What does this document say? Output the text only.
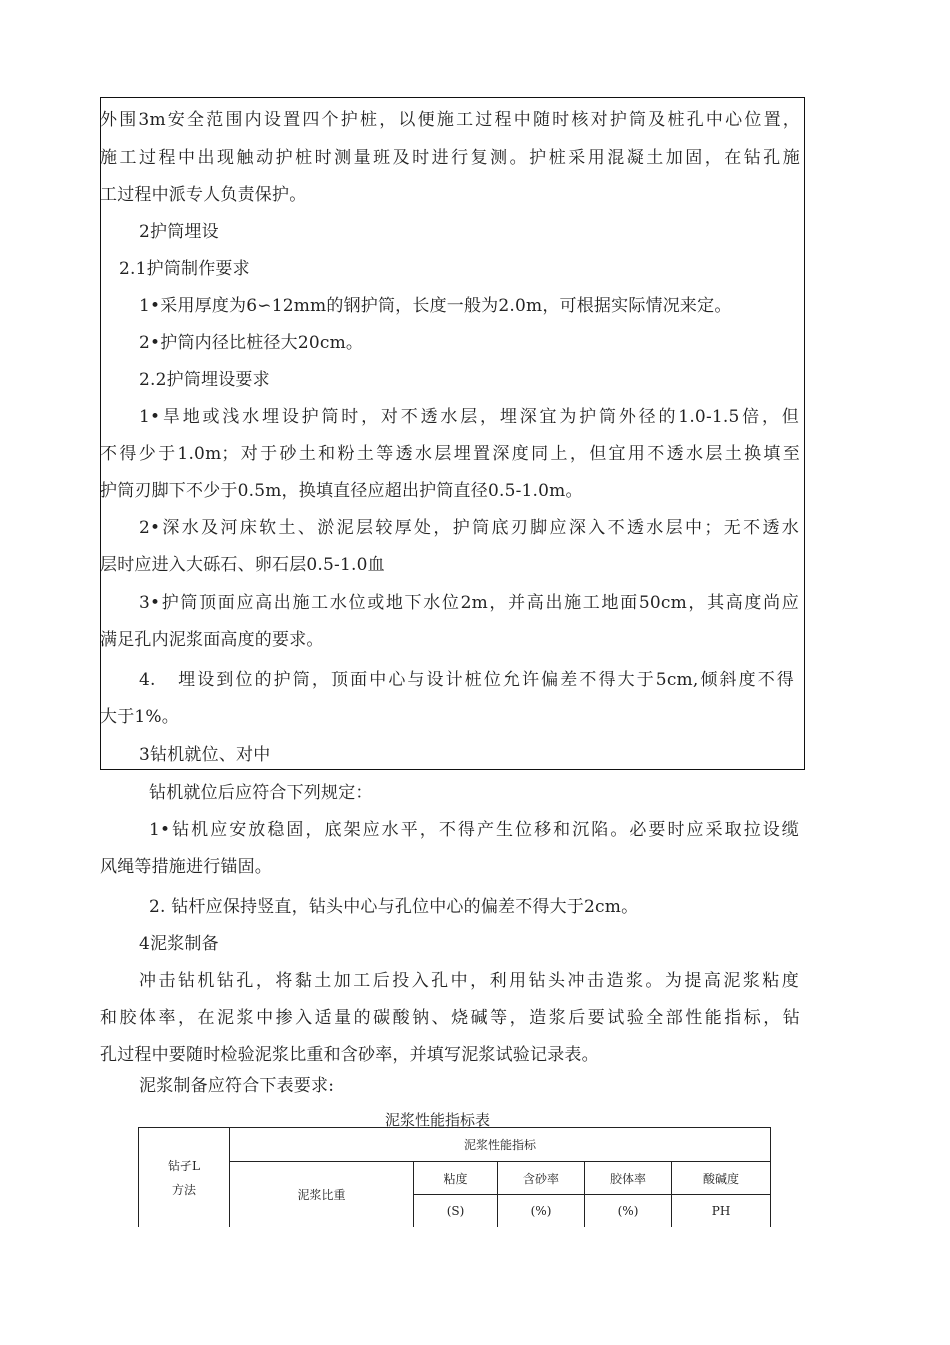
外围3m安全范围内设置四个护桩，以便施工过程中随时核对护筒及桩孔中心位置，
施工过程中出现触动护桩时测量班及时进行复测。护桩采用混凝土加固，在钻孔施
工过程中派专人负责保护。
2护筒埋设
2.1护筒制作要求
1•采用厚度为6∽12mm的钢护筒，长度一般为2.0m，可根据实际情况来定。
2•护筒内径比桩径大20cm。
2.2护筒埋设要求
1•旱地或浅水埋设护筒时，对不透水层，埋深宜为护筒外径的1.0-1.5倍，但
不得少于1.0m；对于砂土和粉土等透水层埋置深度同上，但宜用不透水层土换填至
护筒刃脚下不少于0.5m，换填直径应超出护筒直径0.5-1.0m。
2•深水及河床软土、淤泥层较厚处，护筒底刃脚应深入不透水层中；无不透水
层时应进入大砾石、卵石层0.5-1.0血
3•护筒顶面应高出施工水位或地下水位2m，并高出施工地面50cm，其高度尚应
满足孔内泥浆面高度的要求。
4.   埋设到位的护筒，顶面中心与设计桩位允许偏差不得大于5cm,倾斜度不得
大于1%。
3钻机就位、对中
钻机就位后应符合下列规定：
1•钻机应安放稳固，底架应水平，不得产生位移和沉陷。必要时应采取拉设缆
风绳等措施进行锚固。
2. 钻杆应保持竖直，钻头中心与孔位中心的偏差不得大于2cm。
4泥浆制备
冲击钻机钻孔，将黏土加工后投入孔中，利用钻头冲击造浆。为提高泥浆粘度
和胶体率，在泥浆中掺入适量的碳酸钠、烧碱等，造浆后要试验全部性能指标，钻
孔过程中要随时检验泥浆比重和含砂率，并填写泥浆试验记录表。
泥浆制备应符合下表要求:
泥浆性能指标表
钻孑L
方法	泥浆性能指标				
	泥浆比重	粘度	含砂率	胶体率	酸碱度
		(S)	(%)	(%)	PH
